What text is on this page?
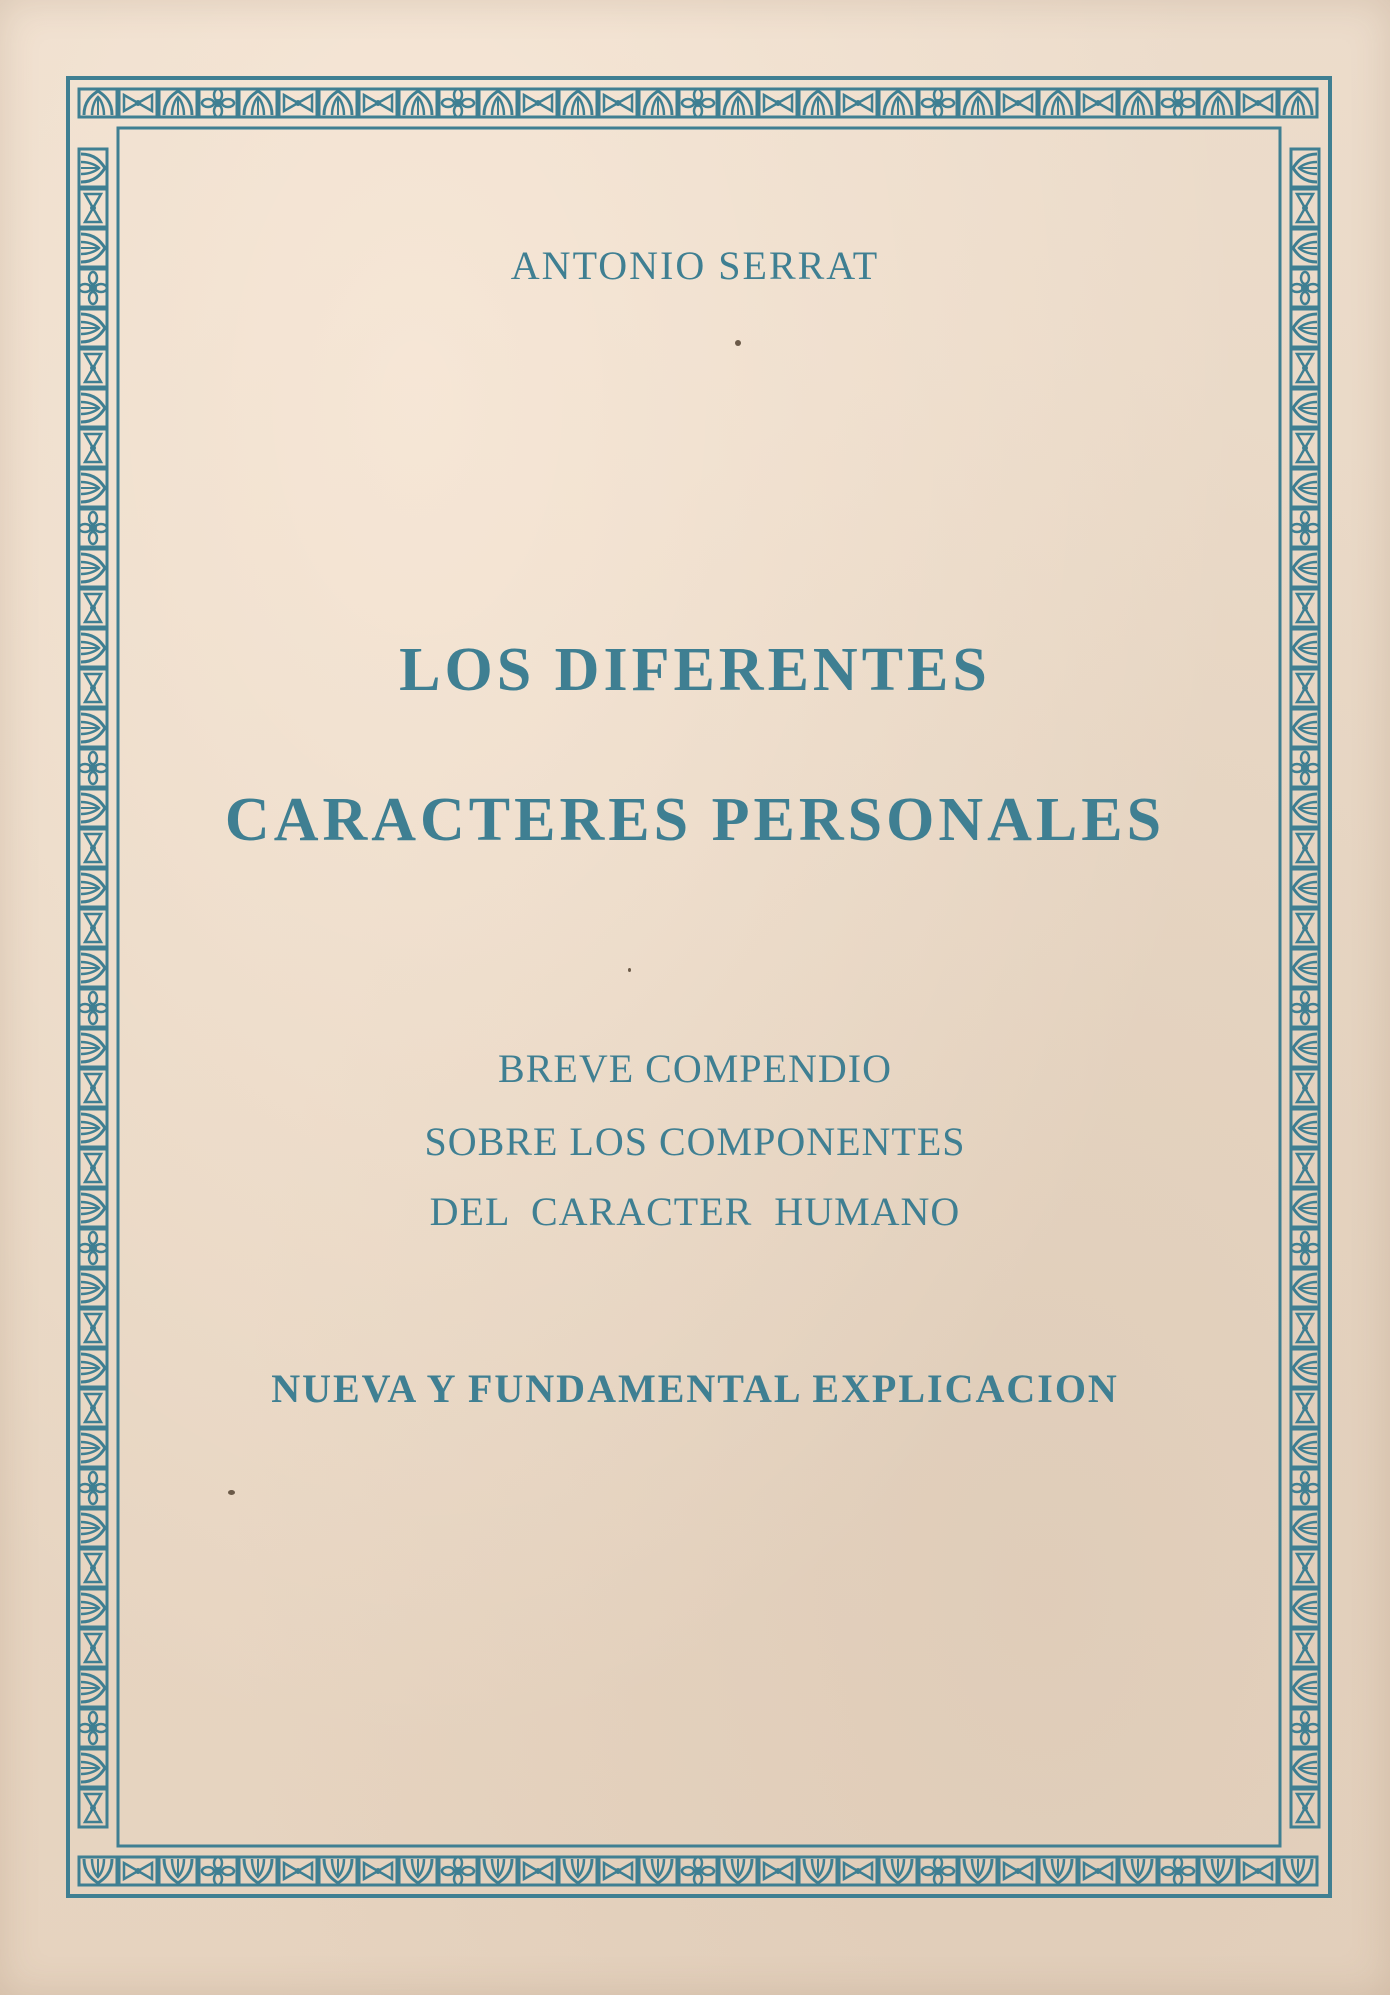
ANTONIO SERRAT
LOS DIFERENTES
CARACTERES PERSONALES
BREVE COMPENDIO
SOBRE LOS COMPONENTES
DEL  CARACTER  HUMANO
NUEVA Y FUNDAMENTAL EXPLICACION
